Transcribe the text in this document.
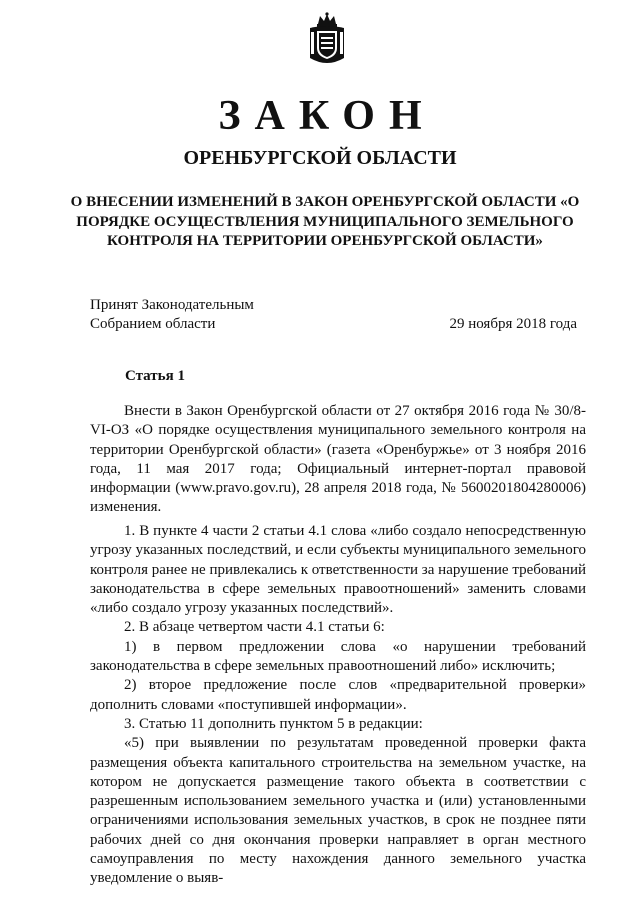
ЗАКОН
ОРЕНБУРГСКОЙ ОБЛАСТИ
О ВНЕСЕНИИ ИЗМЕНЕНИЙ В ЗАКОН ОРЕНБУРГСКОЙ ОБЛАСТИ «О ПОРЯДКЕ ОСУЩЕСТВЛЕНИЯ МУНИЦИПАЛЬНОГО ЗЕМЕЛЬНОГО КОНТРОЛЯ НА ТЕРРИТОРИИ ОРЕНБУРГСКОЙ ОБЛАСТИ»
Принят Законодательным
Собранием области	29 ноября 2018 года
Статья 1

Внести в Закон Оренбургской области от 27 октября 2016 года № 30/8-VI-ОЗ «О порядке осуществления муниципального земельного контроля на территории Оренбургской области» (газета «Оренбуржье» от 3 ноября 2016 года, 11 мая 2017 года; Официальный интернет-портал правовой информации (www.pravo.gov.ru), 28 апреля 2018 года, № 5600201804280006) изменения.

1. В пункте 4 части 2 статьи 4.1 слова «либо создало непосредственную угрозу указанных последствий, и если субъекты муниципального земельного контроля ранее не привлекались к ответственности за нарушение требований законодательства в сфере земельных правоотношений» заменить словами «либо создало угрозу указанных последствий».

2. В абзаце четвертом части 4.1 статьи 6:

1) в первом предложении слова «о нарушении требований законодательства в сфере земельных правоотношений либо» исключить;

2) второе предложение после слов «предварительной проверки» дополнить словами «поступившей информации».

3. Статью 11 дополнить пунктом 5 в редакции:

«5) при выявлении по результатам проведенной проверки факта размещения объекта капитального строительства на земельном участке, на котором не допускается размещение такого объекта в соответствии с разрешенным использованием земельного участка и (или) установленными ограничениями использования земельных участков, в срок не позднее пяти рабочих дней со дня окончания проверки направляет в орган местного самоуправления по месту нахождения данного земельного участка уведомление о выяв-
